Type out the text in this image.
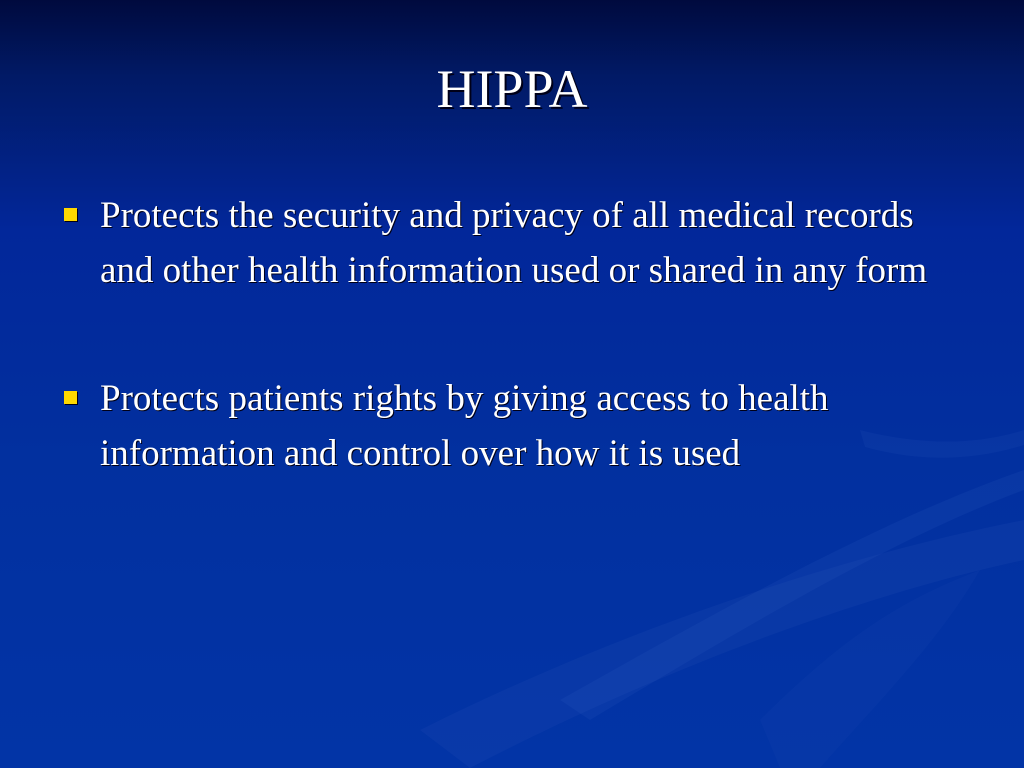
HIPPA
Protects the security and privacy of all medical records and other health information used or shared in any form
Protects patients rights by giving access to health information and control over how it is used
